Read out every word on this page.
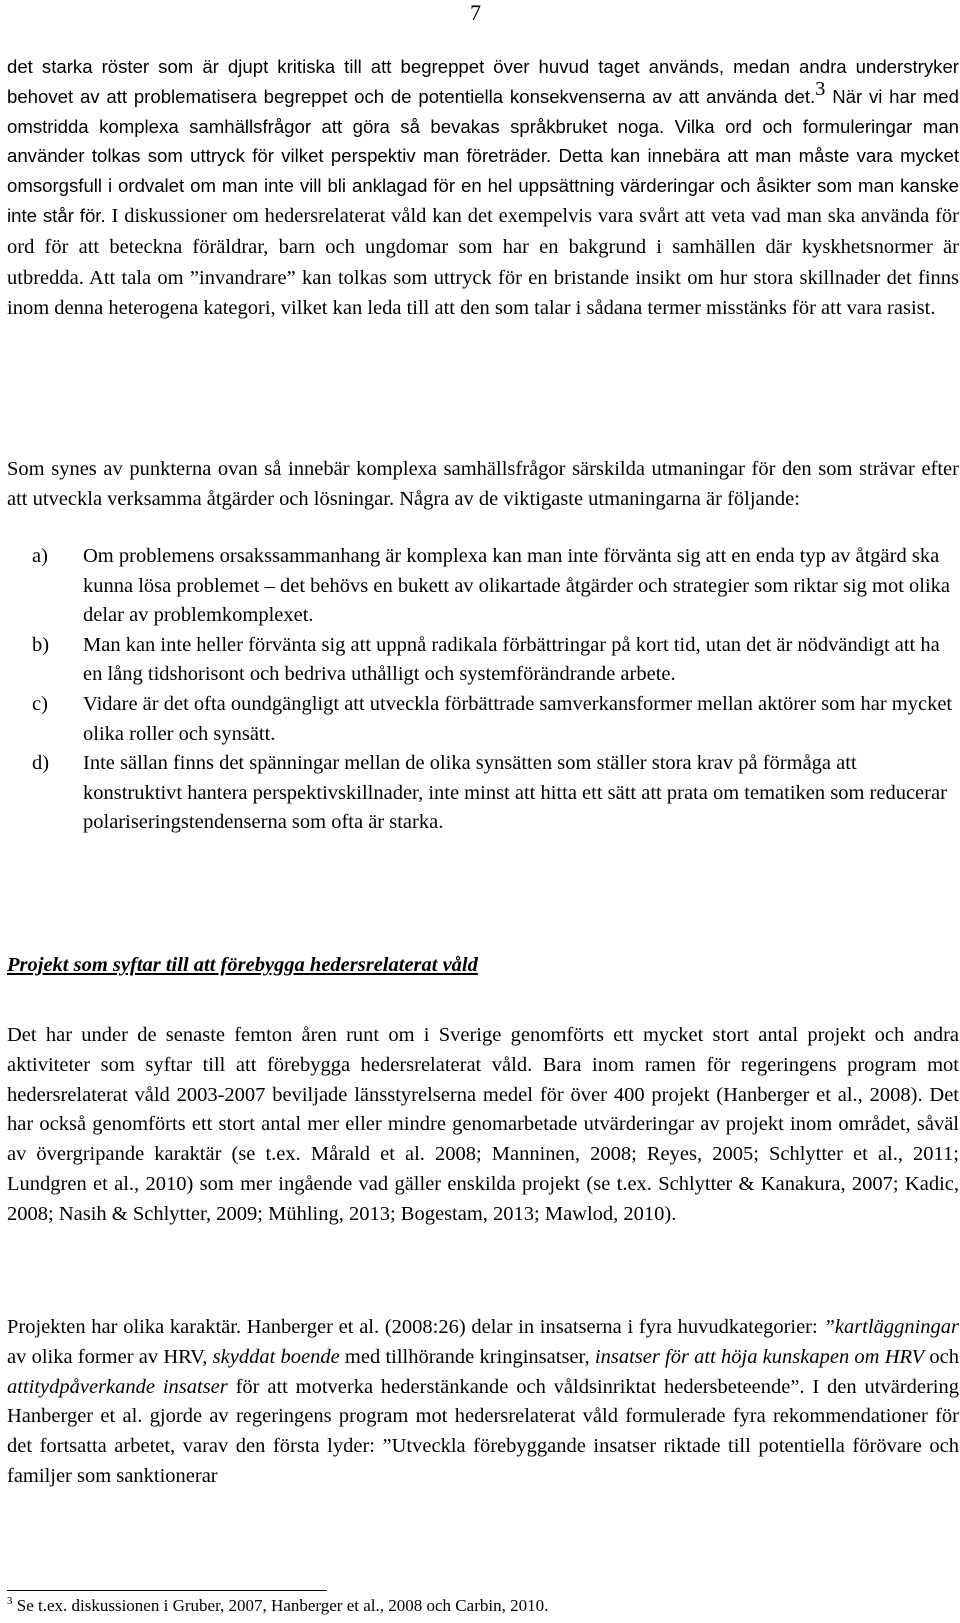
7
det starka röster som är djupt kritiska till att begreppet över huvud taget används, medan andra understryker behovet av att problematisera begreppet och de potentiella konsekvenserna av att använda det.3 När vi har med omstridda komplexa samhällsfrågor att göra så bevakas språkbruket noga. Vilka ord och formuleringar man använder tolkas som uttryck för vilket perspektiv man företräder. Detta kan innebära att man måste vara mycket omsorgsfull i ordvalet om man inte vill bli anklagad för en hel uppsättning värderingar och åsikter som man kanske inte står för. I diskussioner om hedersrelaterat våld kan det exempelvis vara svårt att veta vad man ska använda för ord för att beteckna föräldrar, barn och ungdomar som har en bakgrund i samhällen där kyskhetsnormer är utbredda. Att tala om ”invandrare” kan tolkas som uttryck för en bristande insikt om hur stora skillnader det finns inom denna heterogena kategori, vilket kan leda till att den som talar i sådana termer misstänks för att vara rasist.
Som synes av punkterna ovan så innebär komplexa samhällsfrågor särskilda utmaningar för den som strävar efter att utveckla verksamma åtgärder och lösningar. Några av de viktigaste utmaningarna är följande:

a) Om problemens orsakssammanhang är komplexa kan man inte förvänta sig att en enda typ av åtgärd ska kunna lösa problemet – det behövs en bukett av olikartade åtgärder och strategier som riktar sig mot olika delar av problemkomplexet.

b) Man kan inte heller förvänta sig att uppnå radikala förbättringar på kort tid, utan det är nödvändigt att ha en lång tidshorisont och bedriva uthålligt och systemförändrande arbete.

c) Vidare är det ofta oundgängligt att utveckla förbättrade samverkansformer mellan aktörer som har mycket olika roller och synsätt.

d) Inte sällan finns det spänningar mellan de olika synsätten som ställer stora krav på förmåga att konstruktivt hantera perspektivskillnader, inte minst att hitta ett sätt att prata om tematiken som reducerar polariseringstendenserna som ofta är starka.

Projekt som syftar till att förebygga hedersrelaterat våld
Det har under de senaste femton åren runt om i Sverige genomförts ett mycket stort antal projekt och andra aktiviteter som syftar till att förebygga hedersrelaterat våld. Bara inom ramen för regeringens program mot hedersrelaterat våld 2003-2007 beviljade länsstyrelserna medel för över 400 projekt (Hanberger et al., 2008). Det har också genomförts ett stort antal mer eller mindre genomarbetade utvärderingar av projekt inom området, såväl av övergripande karaktär (se t.ex. Mårald et al. 2008; Manninen, 2008; Reyes, 2005; Schlytter et al., 2011; Lundgren et al., 2010) som mer ingående vad gäller enskilda projekt (se t.ex. Schlytter & Kanakura, 2007; Kadic, 2008; Nasih & Schlytter, 2009; Mühling, 2013; Bogestam, 2013; Mawlod, 2010).
Projekten har olika karaktär. Hanberger et al. (2008:26) delar in insatserna i fyra huvudkategorier: ”kartläggningar av olika former av HRV, skyddat boende med tillhörande kringinsatser, insatser för att höja kunskapen om HRV och attitydpåverkande insatser för att motverka hederstänkande och våldsinriktat hedersbeteende”. I den utvärdering Hanberger et al. gjorde av regeringens program mot hedersrelaterat våld formulerade fyra rekommendationer för det fortsatta arbetet, varav den första lyder: ”Utveckla förebyggande insatser riktade till potentiella förövare och familjer som sanktionerar
$^3$ Se t.ex. diskussionen i Gruber, 2007, Hanberger et al., 2008 och Carbin, 2010.
